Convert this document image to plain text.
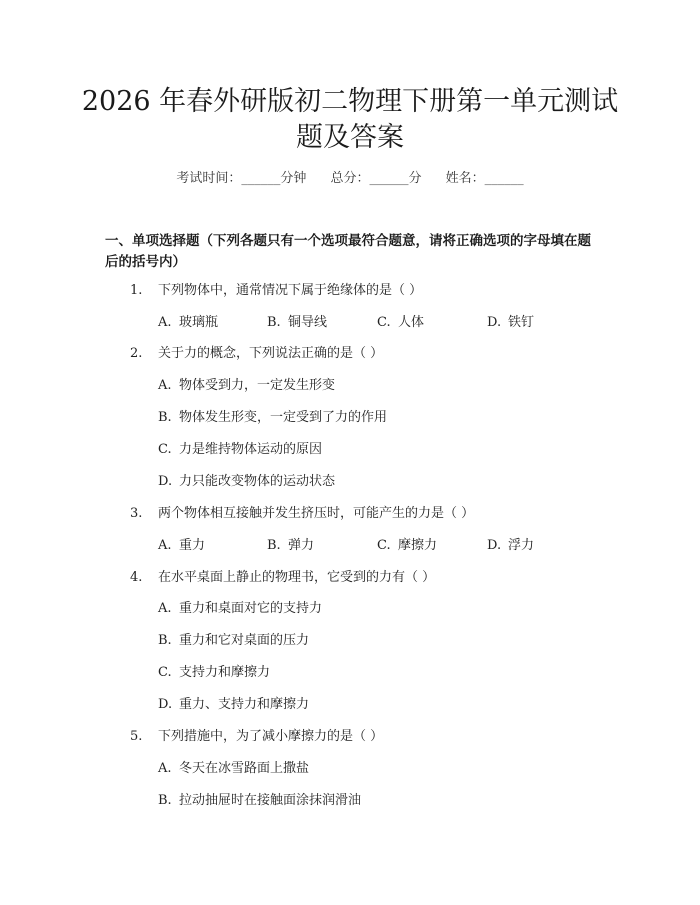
2026 年春外研版初二物理下册第一单元测试
题及答案
考试时间：______分钟 总分：______分 姓名：______
一、单项选择题（下列各题只有一个选项最符合题意，请将正确选项的字母填在题后的括号内）
1. 下列物体中，通常情况下属于绝缘体的是（ ）
A. 玻璃瓶	B. 铜导线	C. 人体	D. 铁钉
2. 关于力的概念，下列说法正确的是（ ）
A. 物体受到力，一定发生形变
B. 物体发生形变，一定受到了力的作用
C. 力是维持物体运动的原因
D. 力只能改变物体的运动状态
3. 两个物体相互接触并发生挤压时，可能产生的力是（ ）
A. 重力	B. 弹力	C. 摩擦力	D. 浮力
4. 在水平桌面上静止的物理书，它受到的力有（ ）
A. 重力和桌面对它的支持力
B. 重力和它对桌面的压力
C. 支持力和摩擦力
D. 重力、支持力和摩擦力
5. 下列措施中，为了减小摩擦力的是（ ）
A. 冬天在冰雪路面上撒盐
B. 拉动抽屉时在接触面涂抹润滑油
